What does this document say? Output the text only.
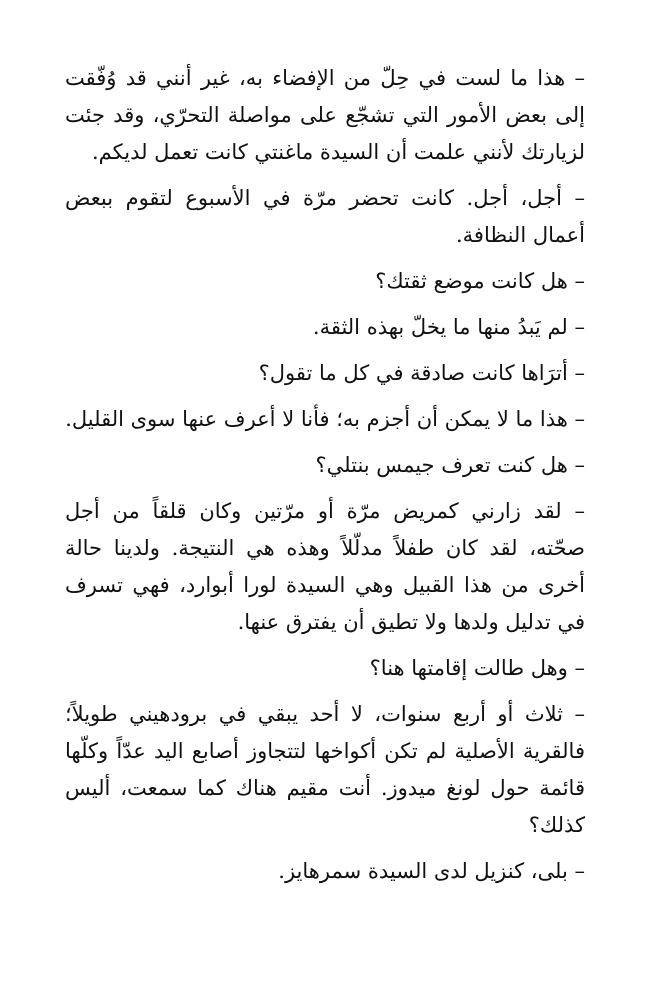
– هذا ما لست في حِلّ من الإفضاء به، غير أنني قد وُفّقت إلى بعض الأمور التي تشجّع على مواصلة التحرّي، وقد جئت لزيارتك لأنني علمت أن السيدة ماغنتي كانت تعمل لديكم.

– أجل، أجل. كانت تحضر مرّة في الأسبوع لتقوم ببعض أعمال النظافة.

– هل كانت موضع ثقتك؟

– لم يَبدُ منها ما يخلّ بهذه الثقة.

– أترَاها كانت صادقة في كل ما تقول؟

– هذا ما لا يمكن أن أجزم به؛ فأنا لا أعرف عنها سوى القليل.

– هل كنت تعرف جيمس بنتلي؟

– لقد زارني كمريض مرّة أو مرّتين وكان قلقاً من أجل صحّته، لقد كان طفلاً مدلّلاً وهذه هي النتيجة. ولدينا حالة أخرى من هذا القبيل وهي السيدة لورا أبوارد، فهي تسرف في تدليل ولدها ولا تطيق أن يفترق عنها.

– وهل طالت إقامتها هنا؟

– ثلاث أو أربع سنوات، لا أحد يبقي في برودهيني طويلاً؛ فالقرية الأصلية لم تكن أكواخها لتتجاوز أصابع اليد عدّاً وكلّها قائمة حول لونغ ميدوز. أنت مقيم هناك كما سمعت، أليس كذلك؟

– بلى، كنزيل لدى السيدة سمرهايز.
